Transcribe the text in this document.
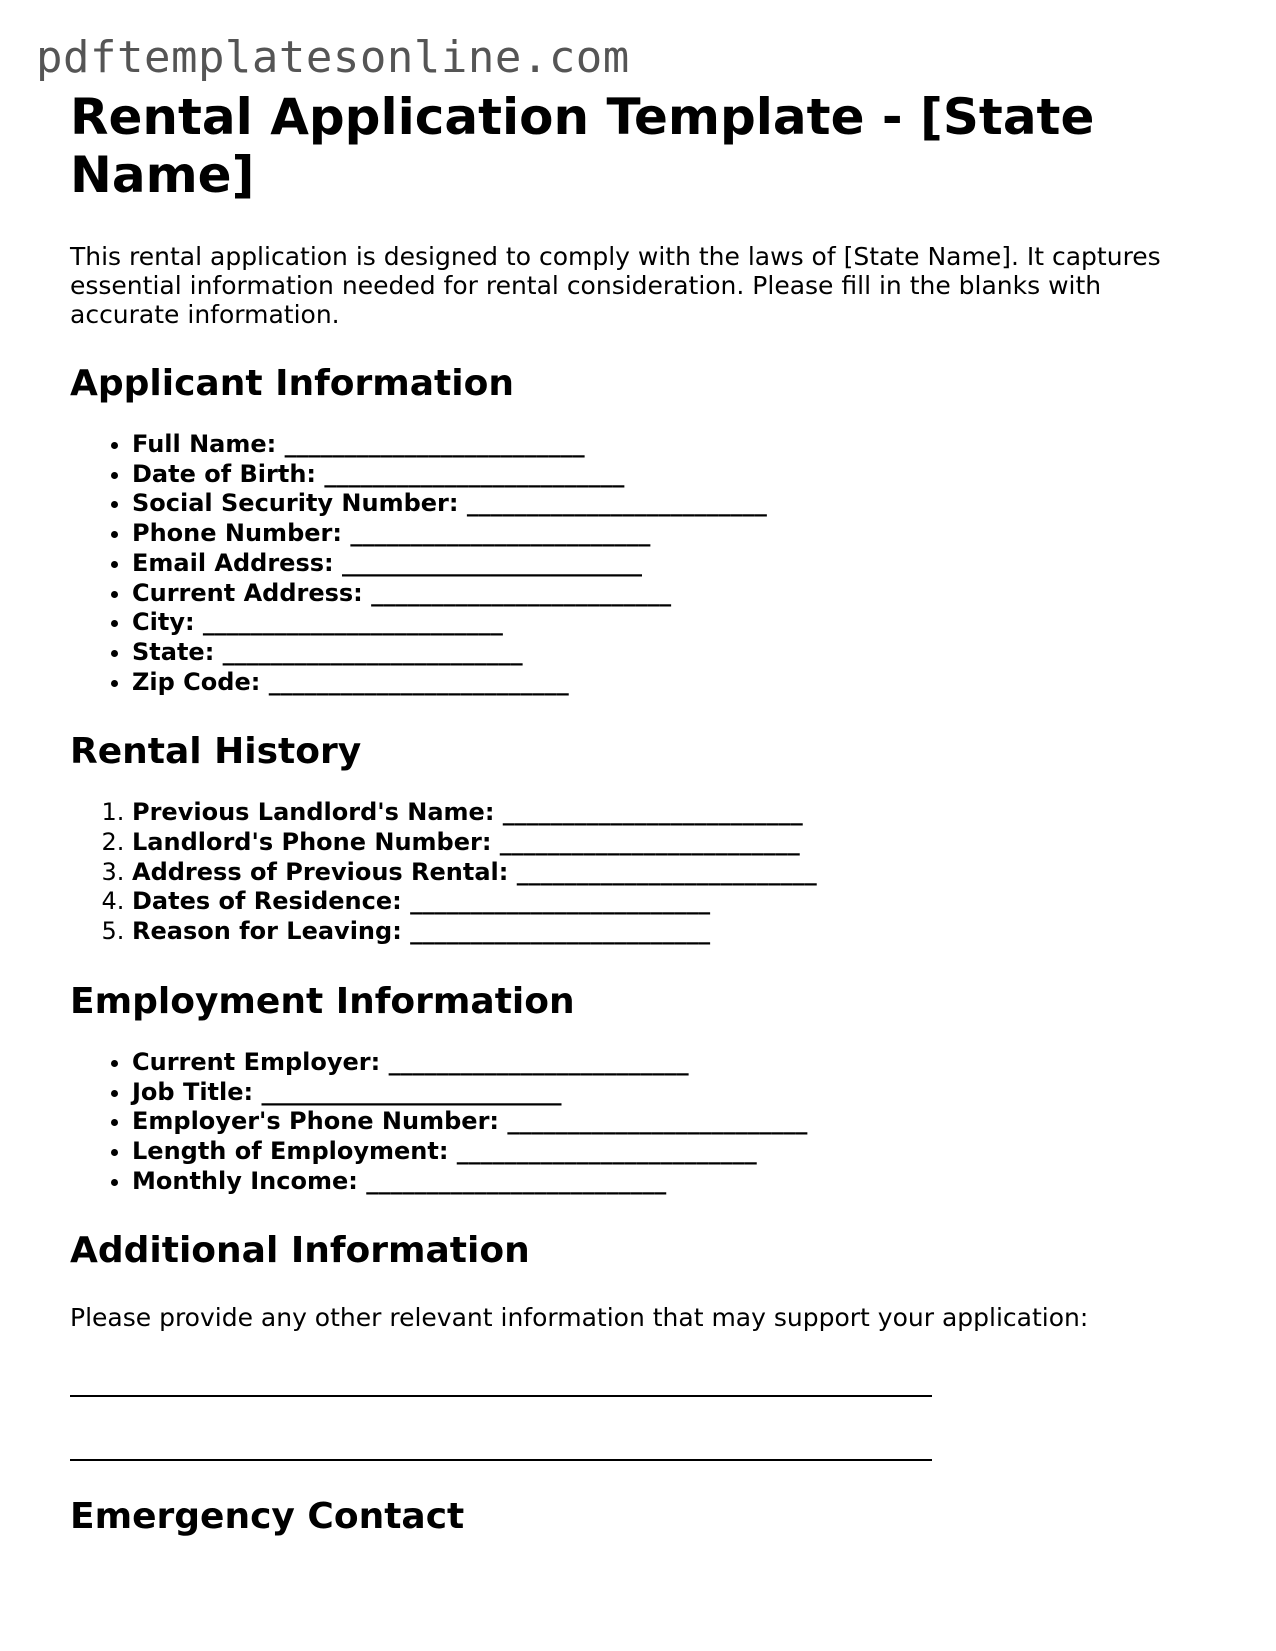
pdftemplatesonline.com
Rental Application Template - [State Name]

This rental application is designed to comply with the laws of [State Name]. It captures essential information needed for rental consideration. Please fill in the blanks with accurate information.

Applicant Information
• Full Name: _________________________
• Date of Birth: _________________________
• Social Security Number: _________________________
• Phone Number: _________________________
• Email Address: _________________________
• Current Address: _________________________
• City: _________________________
• State: _________________________
• Zip Code: _________________________
Rental History
1. Previous Landlord's Name: _________________________
2. Landlord's Phone Number: _________________________
3. Address of Previous Rental: _________________________
4. Dates of Residence: _________________________
5. Reason for Leaving: _________________________
Employment Information
• Current Employer: _________________________
• Job Title: _________________________
• Employer's Phone Number: _________________________
• Length of Employment: _________________________
• Monthly Income: _________________________
Additional Information

Please provide any other relevant information that may support your application:

Emergency Contact
